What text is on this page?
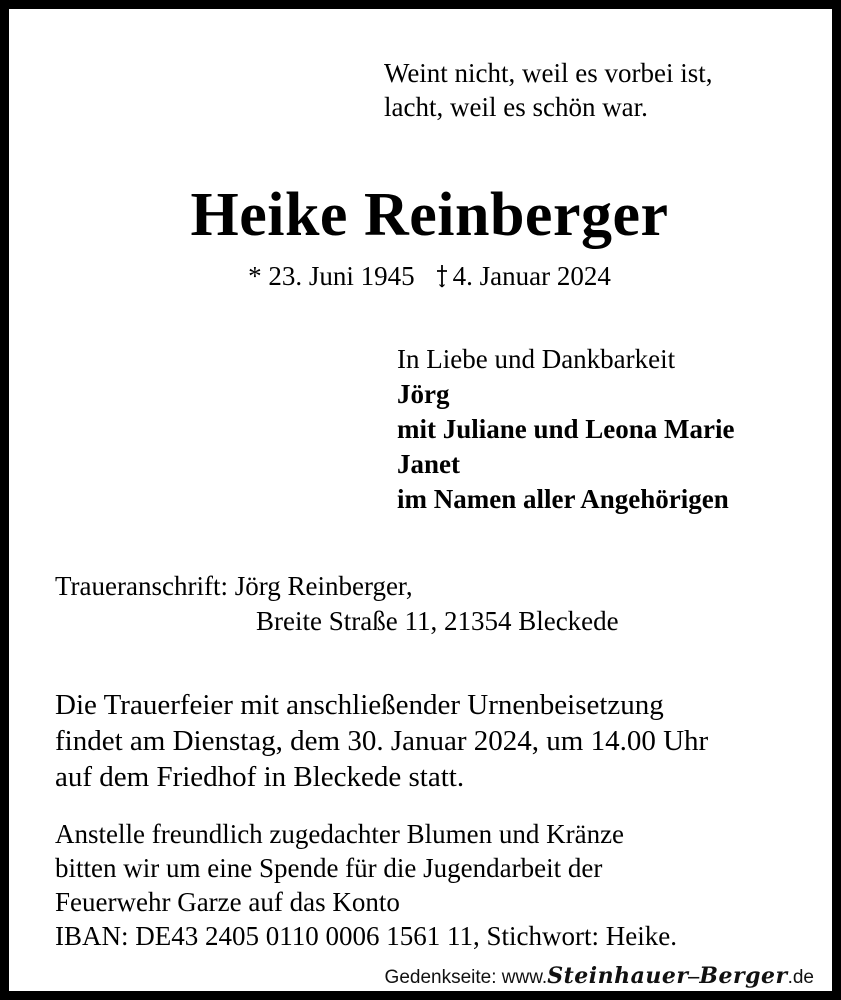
Weint nicht, weil es vorbei ist,
lacht, weil es schön war.
Heike Reinberger
* 23. Juni 1945 4. Januar 2024
In Liebe und Dankbarkeit
Jörg
mit Juliane und Leona Marie
Janet
im Namen aller Angehörigen
Traueranschrift: Jörg Reinberger,
Breite Straße 11, 21354 Bleckede
Die Trauerfeier mit anschließender Urnenbeisetzung
findet am Dienstag, dem 30. Januar 2024, um 14.00 Uhr
auf dem Friedhof in Bleckede statt.
Anstelle freundlich zugedachter Blumen und Kränze
bitten wir um eine Spende für die Jugendarbeit der
Feuerwehr Garze auf das Konto
IBAN: DE43 2405 0110 0006 1561 11, Stichwort: Heike.
Gedenkseite: www.Steinhauer–Berger.de
